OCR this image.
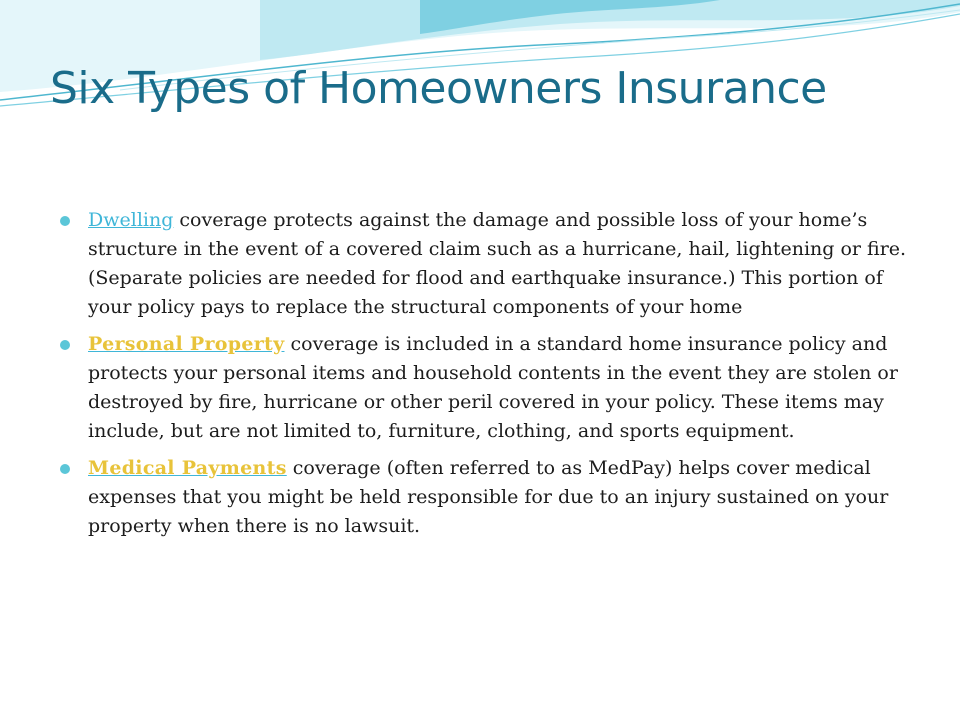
Six Types of Homeowners Insurance
Dwelling coverage protects against the damage and possible loss of your home’s structure in the event of a covered claim such as a hurricane, hail, lightening or fire. (Separate policies are needed for flood and earthquake insurance.) This portion of your policy pays to replace the structural components of your home
Personal Property coverage is included in a standard home insurance policy and protects your personal items and household contents in the event they are stolen or destroyed by fire, hurricane or other peril covered in your policy. These items may include, but are not limited to, furniture, clothing, and sports equipment.
Medical Payments coverage (often referred to as MedPay) helps cover medical expenses that you might be held responsible for due to an injury sustained on your property when there is no lawsuit.
